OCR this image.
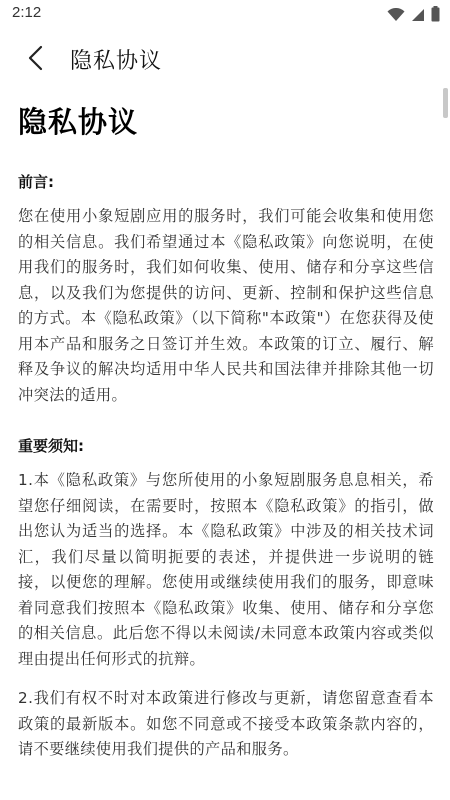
2:12
隐私协议
隐私协议
前言:

您在使用小象短剧应用的服务时，我们可能会收集和使用您的相关信息。我们希望通过本《隐私政策》向您说明，在使用我们的服务时，我们如何收集、使用、储存和分享这些信息，以及我们为您提供的访问、更新、控制和保护这些信息的方式。本《隐私政策》（以下简称"本政策"）在您获得及使用本产品和服务之日签订并生效。本政策的订立、履行、解释及争议的解决均适用中华人民共和国法律并排除其他一切冲突法的适用。

重要须知:

1.本《隐私政策》与您所使用的小象短剧服务息息相关，希望您仔细阅读，在需要时，按照本《隐私政策》的指引，做出您认为适当的选择。本《隐私政策》中涉及的相关技术词汇，我们尽量以简明扼要的表述，并提供进一步说明的链接，以便您的理解。您使用或继续使用我们的服务，即意味着同意我们按照本《隐私政策》收集、使用、储存和分享您的相关信息。此后您不得以未阅读/未同意本政策内容或类似理由提出任何形式的抗辩。

2.我们有权不时对本政策进行修改与更新，请您留意查看本政策的最新版本。如您不同意或不接受本政策条款内容的，请不要继续使用我们提供的产品和服务。
